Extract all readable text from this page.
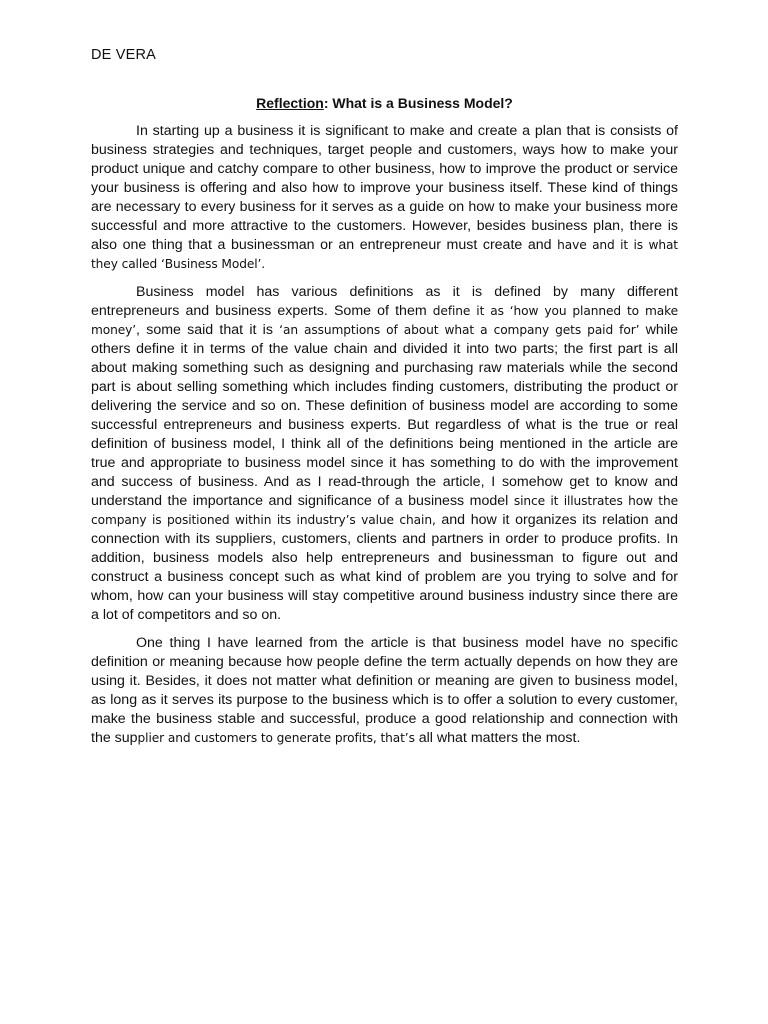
DE VERA
Reflection: What is a Business Model?

In starting up a business it is significant to make and create a plan that is consists of business strategies and techniques, target people and customers, ways how to make your product unique and catchy compare to other business, how to improve the product or service your business is offering and also how to improve your business itself. These kind of things are necessary to every business for it serves as a guide on how to make your business more successful and more attractive to the customers. However, besides business plan, there is also one thing that a businessman or an entrepreneur must create and have and it is what they called ‘Business Model’.

Business model has various definitions as it is defined by many different entrepreneurs and business experts. Some of them define it as ‘how you planned to make money’, some said that it is ‘an assumptions of about what a company gets paid for’ while others define it in terms of the value chain and divided it into two parts; the first part is all about making something such as designing and purchasing raw materials while the second part is about selling something which includes finding customers, distributing the product or delivering the service and so on. These definition of business model are according to some successful entrepreneurs and business experts. But regardless of what is the true or real definition of business model, I think all of the definitions being mentioned in the article are true and appropriate to business model since it has something to do with the improvement and success of business. And as I read-through the article, I somehow get to know and understand the importance and significance of a business model since it illustrates how the company is positioned within its industry’s value chain, and how it organizes its relation and connection with its suppliers, customers, clients and partners in order to produce profits. In addition, business models also help entrepreneurs and businessman to figure out and construct a business concept such as what kind of problem are you trying to solve and for whom, how can your business will stay competitive around business industry since there are a lot of competitors and so on.

One thing I have learned from the article is that business model have no specific definition or meaning because how people define the term actually depends on how they are using it. Besides, it does not matter what definition or meaning are given to business model, as long as it serves its purpose to the business which is to offer a solution to every customer, make the business stable and successful, produce a good relationship and connection with the supplier and customers to generate profits, that’s all what matters the most.
